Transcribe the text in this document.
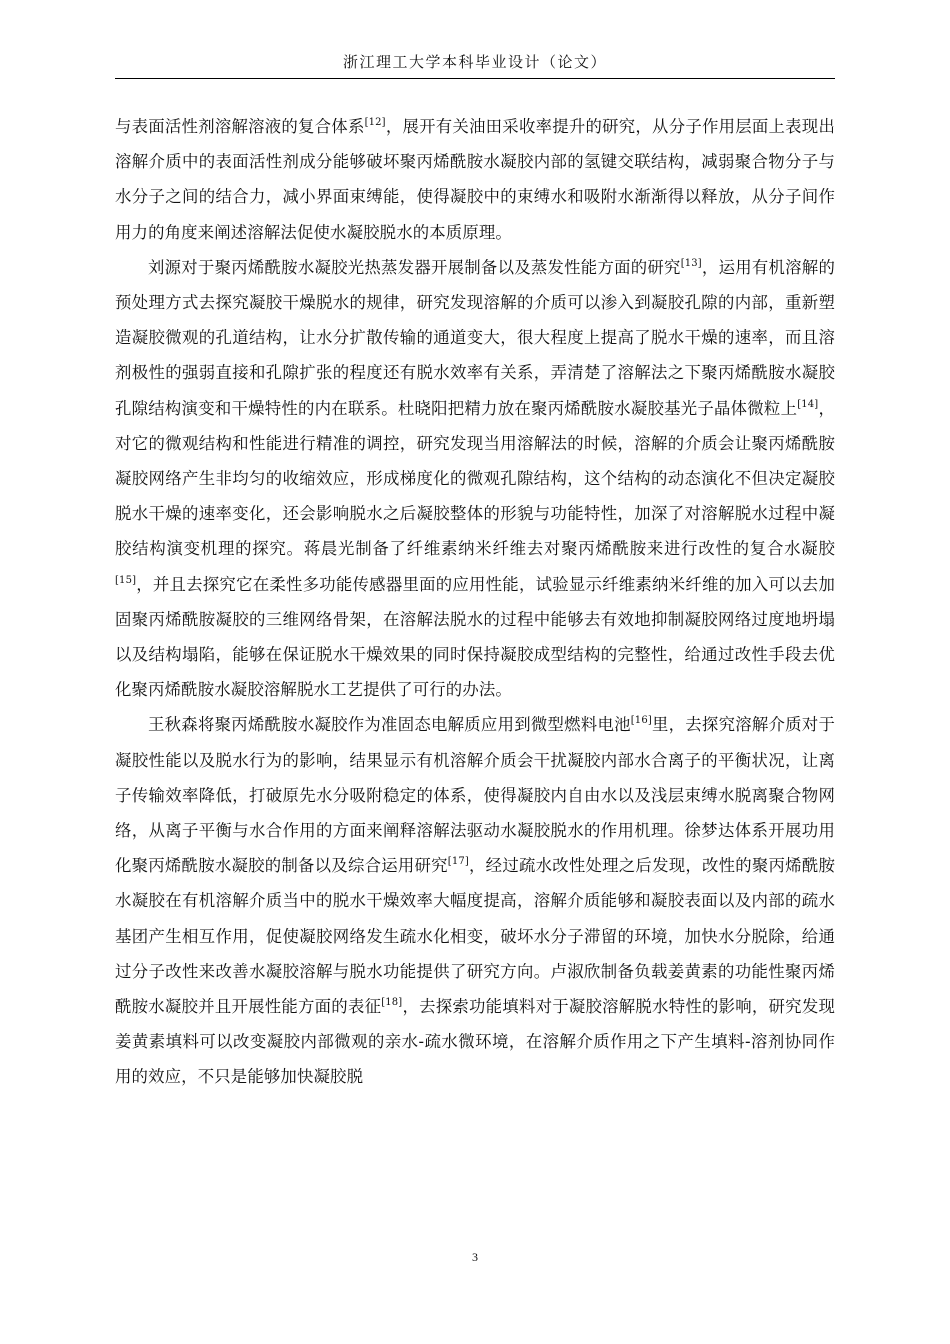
浙江理工大学本科毕业设计（论文）

与表面活性剂溶解溶液的复合体系[12]，展开有关油田采收率提升的研究，从分子作用层面上表现出溶解介质中的表面活性剂成分能够破坏聚丙烯酰胺水凝胶内部的氢键交联结构，减弱聚合物分子与水分子之间的结合力，减小界面束缚能，使得凝胶中的束缚水和吸附水渐渐得以释放，从分子间作用力的角度来阐述溶解法促使水凝胶脱水的本质原理。

刘源对于聚丙烯酰胺水凝胶光热蒸发器开展制备以及蒸发性能方面的研究[13]，运用有机溶解的预处理方式去探究凝胶干燥脱水的规律，研究发现溶解的介质可以渗入到凝胶孔隙的内部，重新塑造凝胶微观的孔道结构，让水分扩散传输的通道变大，很大程度上提高了脱水干燥的速率，而且溶剂极性的强弱直接和孔隙扩张的程度还有脱水效率有关系，弄清楚了溶解法之下聚丙烯酰胺水凝胶孔隙结构演变和干燥特性的内在联系。杜晓阳把精力放在聚丙烯酰胺水凝胶基光子晶体微粒上[14]，对它的微观结构和性能进行精准的调控，研究发现当用溶解法的时候，溶解的介质会让聚丙烯酰胺凝胶网络产生非均匀的收缩效应，形成梯度化的微观孔隙结构，这个结构的动态演化不但决定凝胶脱水干燥的速率变化，还会影响脱水之后凝胶整体的形貌与功能特性，加深了对溶解脱水过程中凝胶结构演变机理的探究。蒋晨光制备了纤维素纳米纤维去对聚丙烯酰胺来进行改性的复合水凝胶[15]，并且去探究它在柔性多功能传感器里面的应用性能，试验显示纤维素纳米纤维的加入可以去加固聚丙烯酰胺凝胶的三维网络骨架，在溶解法脱水的过程中能够去有效地抑制凝胶网络过度地坍塌以及结构塌陷，能够在保证脱水干燥效果的同时保持凝胶成型结构的完整性，给通过改性手段去优化聚丙烯酰胺水凝胶溶解脱水工艺提供了可行的办法。

王秋森将聚丙烯酰胺水凝胶作为准固态电解质应用到微型燃料电池[16]里，去探究溶解介质对于凝胶性能以及脱水行为的影响，结果显示有机溶解介质会干扰凝胶内部水合离子的平衡状况，让离子传输效率降低，打破原先水分吸附稳定的体系，使得凝胶内自由水以及浅层束缚水脱离聚合物网络，从离子平衡与水合作用的方面来阐释溶解法驱动水凝胶脱水的作用机理。徐梦达体系开展功用化聚丙烯酰胺水凝胶的制备以及综合运用研究[17]，经过疏水改性处理之后发现，改性的聚丙烯酰胺水凝胶在有机溶解介质当中的脱水干燥效率大幅度提高，溶解介质能够和凝胶表面以及内部的疏水基团产生相互作用，促使凝胶网络发生疏水化相变，破坏水分子滞留的环境，加快水分脱除，给通过分子改性来改善水凝胶溶解与脱水功能提供了研究方向。卢淑欣制备负载姜黄素的功能性聚丙烯酰胺水凝胶并且开展性能方面的表征[18]，去探索功能填料对于凝胶溶解脱水特性的影响，研究发现姜黄素填料可以改变凝胶内部微观的亲水-疏水微环境，在溶解介质作用之下产生填料-溶剂协同作用的效应，不只是能够加快凝胶脱

3
